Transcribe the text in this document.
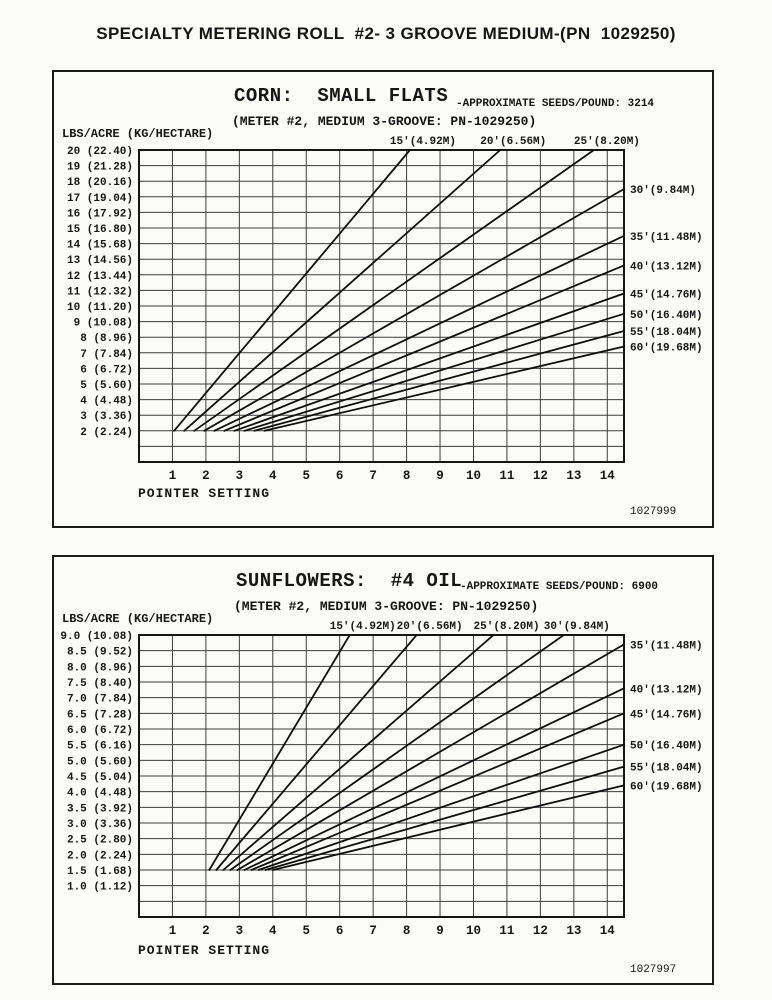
SPECIALTY METERING ROLL  #2- 3 GROOVE MEDIUM-(PN  1029250)
CORN:  SMALL FLATS -APPROXIMATE SEEDS/POUND: 3214
(METER #2, MEDIUM 3-GROOVE: PN-1029250)
LBS/ACRE (KG/HECTARE)
15'(4.92M) 20'(6.56M)	25'(8.20M)
30'(9.84M)
35'(11.48M)
40'(13.12M)
45'(14.76M)
50'(16.40M)
55'(18.04M)
60'(19.68M)
20 (22.40)
19 (21.28)
18 (20.16)
17 (19.04)
16 (17.92)
15 (16.80)
14 (15.68)
13 (14.56)
12 (13.44)
11 (12.32)
10 (11.20)
9 (10.08)
8 (8.96)
7 (7.84)
6 (6.72)
5 (5.60)
4 (4.48)
3 (3.36)
2 (2.24)
1 2 3 4 5 6 7 8 9 10 11 12 13 14
POINTER SETTING
1027999
SUNFLOWERS:  #4 OIL
-APPROXIMATE SEEDS/POUND: 6900
(METER #2, MEDIUM 3-GROOVE: PN-1029250)
LBS/ACRE (KG/HECTARE)
15'(4.92M) 20'(6.56M) 25'(8.20M) 30'(9.84M)
35'(11.48M)
40'(13.12M)
45'(14.76M)
50'(16.40M)
55'(18.04M)
60'(19.68M)
9.0 (10.08)
8.5 (9.52)
8.0 (8.96)
7.5 (8.40)
7.0 (7.84)
6.5 (7.28)
6.0 (6.72)
5.5 (6.16)
5.0 (5.60)
4.5 (5.04)
4.0 (4.48)
3.5 (3.92)
3.0 (3.36)
2.5 (2.80)
2.0 (2.24)
1.5 (1.68)
1.0 (1.12)
1 2 3 4 5 6 7 8 9 10 11 12 13 14
POINTER SETTING
1027997
